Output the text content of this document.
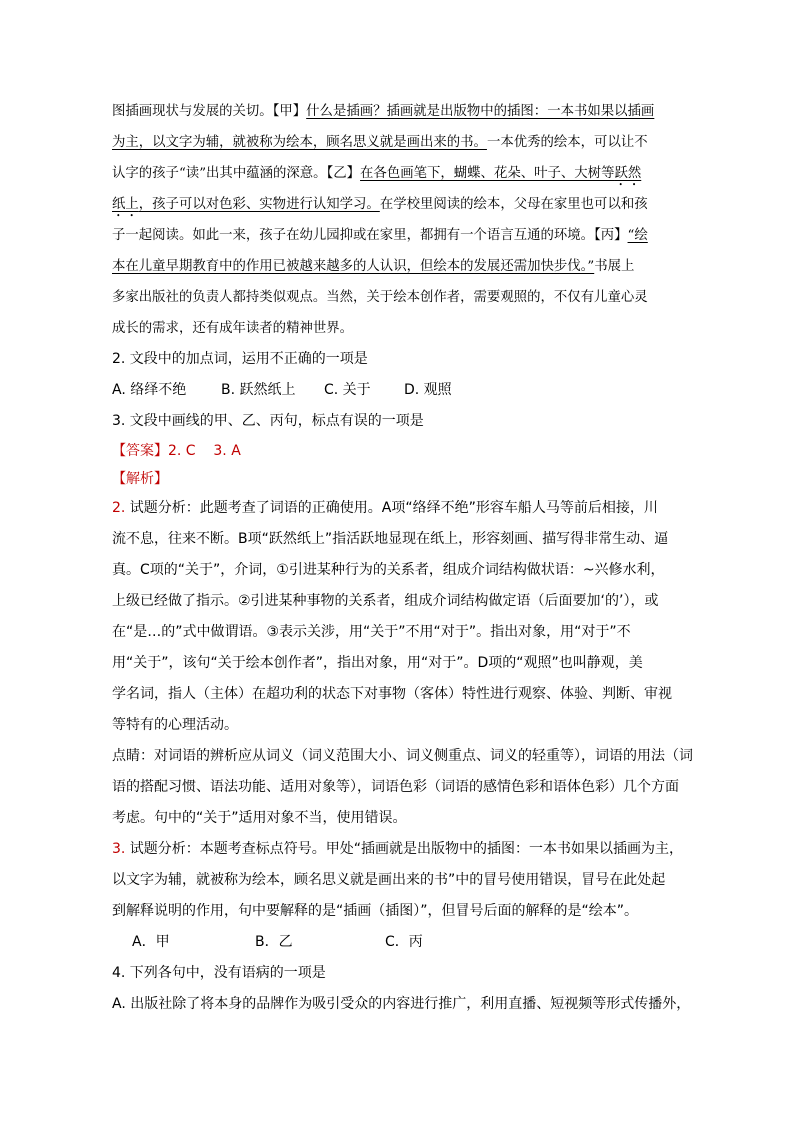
图插画现状与发展的关切。【甲】什么是插画？插画就是出版物中的插图：一本书如果以插画
为主，以文字为辅，就被称为绘本，顾名思义就是画出来的书。一本优秀的绘本，可以让不
认字的孩子“读”出其中蕴涵的深意。【乙】在各色画笔下，蝴蝶、花朵、叶子、大树等跃然
纸上，孩子可以对色彩、实物进行认知学习。在学校里阅读的绘本，父母在家里也可以和孩
子一起阅读。如此一来，孩子在幼儿园抑或在家里，都拥有一个语言互通的环境。【丙】“绘
本在儿童早期教育中的作用已被越来越多的人认识，但绘本的发展还需加快步伐。”书展上
多家出版社的负责人都持类似观点。当然，关于绘本创作者，需要观照的，不仅有儿童心灵
成长的需求，还有成年读者的精神世界。
2. 文段中的加点词，运用不正确的一项是
A. 络绎不绝 B. 跃然纸上 C. 关于 D. 观照
3. 文段中画线的甲、乙、丙句，标点有误的一项是
【答案】2. C    3. A
【解析】
2. 试题分析：此题考查了词语的正确使用。A项“络绎不绝”形容车船人马等前后相接，川
流不息，往来不断。B项“跃然纸上”指活跃地显现在纸上，形容刻画、描写得非常生动、逼
真。C项的“关于”，介词，①引进某种行为的关系者，组成介词结构做状语：~兴修水利，
上级已经做了指示。②引进某种事物的关系者，组成介词结构做定语（后面要加‘的’），或
在“是…的”式中做谓语。③表示关涉，用“关于”不用“对于”。指出对象，用“对于”不
用“关于”，该句“关于绘本创作者”，指出对象，用“对于”。D项的“观照”也叫静观，美
学名词，指人（主体）在超功利的状态下对事物（客体）特性进行观察、体验、判断、审视
等特有的心理活动。
点睛：对词语的辨析应从词义（词义范围大小、词义侧重点、词义的轻重等），词语的用法（词
语的搭配习惯、语法功能、适用对象等），词语色彩（词语的感情色彩和语体色彩）几个方面
考虑。句中的“关于”适用对象不当，使用错误。
3. 试题分析：本题考查标点符号。甲处“插画就是出版物中的插图：一本书如果以插画为主，
以文字为辅，就被称为绘本，顾名思义就是画出来的书”中的冒号使用错误，冒号在此处起
到解释说明的作用，句中要解释的是“插画（插图）”，但冒号后面的解释的是“绘本”。
A．甲	B．乙	C．丙
4. 下列各句中，没有语病的一项是
A. 出版社除了将本身的品牌作为吸引受众的内容进行推广，利用直播、短视频等形式传播外，
